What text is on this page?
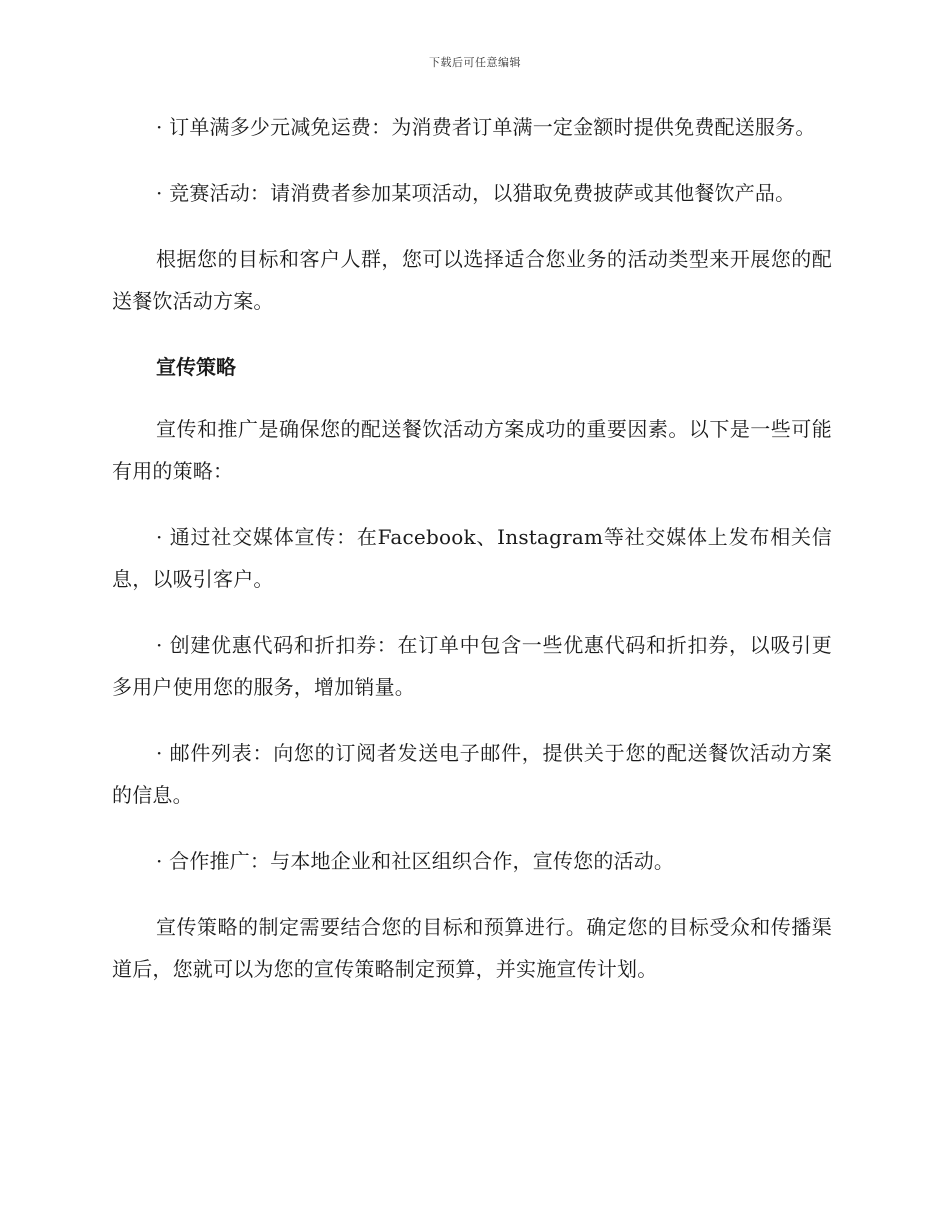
下载后可任意编辑

· 订单满多少元减免运费：为消费者订单满一定金额时提供免费配送服务。

· 竞赛活动：请消费者参加某项活动，以猎取免费披萨或其他餐饮产品。

根据您的目标和客户人群，您可以选择适合您业务的活动类型来开展您的配送餐饮活动方案。

宣传策略

宣传和推广是确保您的配送餐饮活动方案成功的重要因素。以下是一些可能有用的策略：

· 通过社交媒体宣传：在Facebook、Instagram等社交媒体上发布相关信息，以吸引客户。

· 创建优惠代码和折扣券：在订单中包含一些优惠代码和折扣券，以吸引更多用户使用您的服务，增加销量。

· 邮件列表：向您的订阅者发送电子邮件，提供关于您的配送餐饮活动方案的信息。

· 合作推广：与本地企业和社区组织合作，宣传您的活动。

宣传策略的制定需要结合您的目标和预算进行。确定您的目标受众和传播渠道后，您就可以为您的宣传策略制定预算，并实施宣传计划。
